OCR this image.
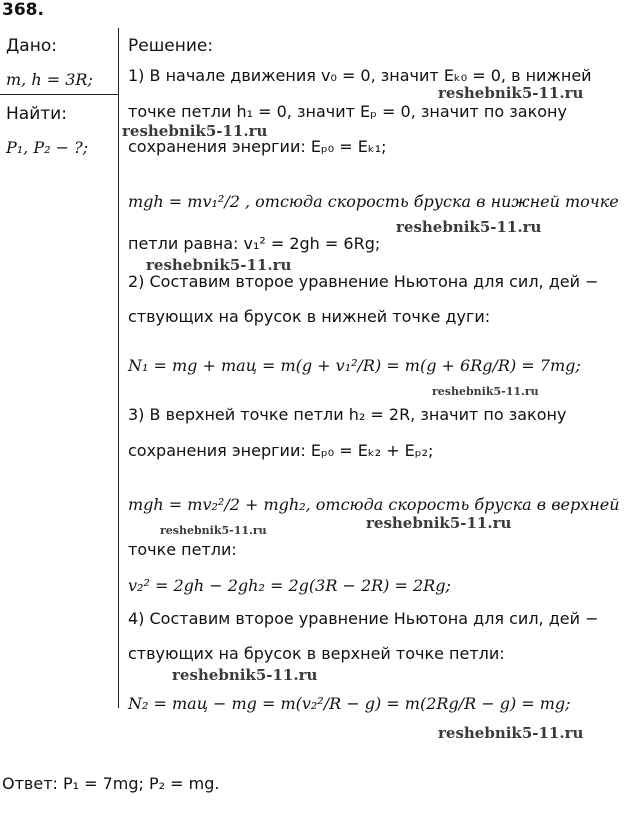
368.
Дано:
m, h = 3R;
Найти:
P₁, P₂ − ?;
Решение:
1) В начале движения v₀ = 0, значит Eₖ₀ = 0, в нижней
точке петли h₁ = 0, значит Eₚ = 0, значит по закону
сохранения энергии: Eₚ₀ = Eₖ₁;
mgh = mv₁²/2 , отсюда скорость бруска в нижней точке
петли равна: v₁² = 2gh = 6Rg;
2) Составим второе уравнение Ньютона для сил, дей −
ствующих на брусок в нижней точке дуги:
N₁ = mg + maц = m(g + v₁²/R) = m(g + 6Rg/R) = 7mg;
3) В верхней точке петли h₂ = 2R, значит по закону
сохранения энергии: Eₚ₀ = Eₖ₂ + Eₚ₂;
mgh = mv₂²/2 + mgh₂, отсюда скорость бруска в верхней
точке петли:
v₂² = 2gh − 2gh₂ = 2g(3R − 2R) = 2Rg;
4) Составим второе уравнение Ньютона для сил, дей −
ствующих на брусок в верхней точке петли:
N₂ = maц − mg = m(v₂²/R − g) = m(2Rg/R − g) = mg;
Ответ: P₁ = 7mg; P₂ = mg.
reshebnik5-11.ru
reshebnik5-11.ru
reshebnik5-11.ru
reshebnik5-11.ru
reshebnik5-11.ru
reshebnik5-11.ru	reshebnik5-11.ru
reshebnik5-11.ru
reshebnik5-11.ru
